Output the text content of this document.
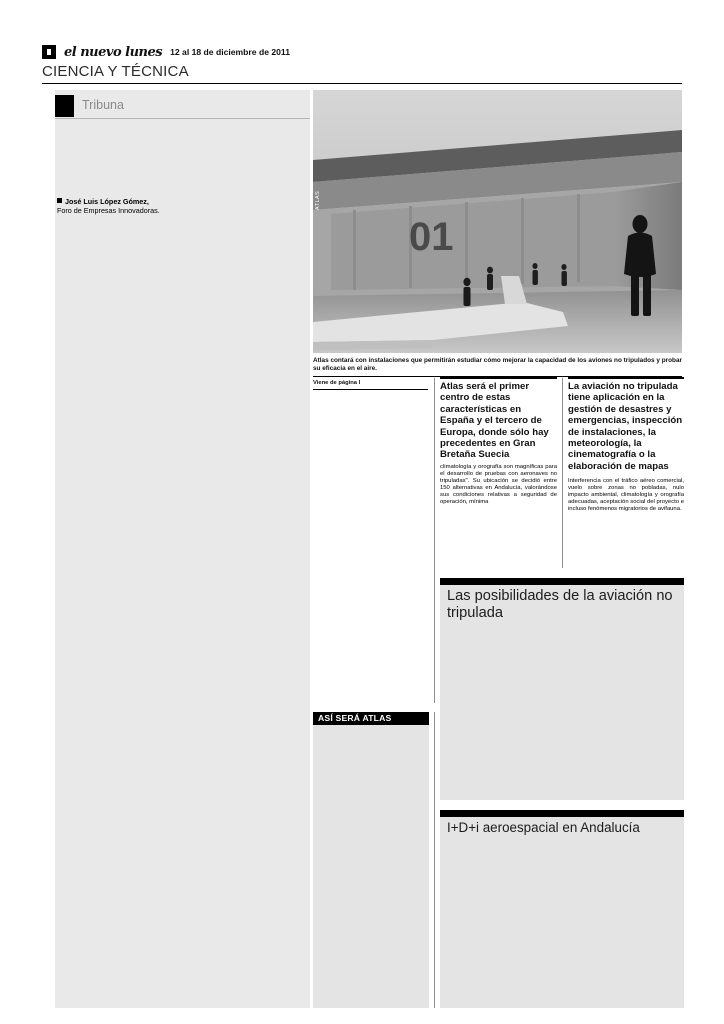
el nuevo lunes 12 al 18 de diciembre de 2011
CIENCIA Y TÉCNICA
Tribuna
José Luis López Gómez,
Foro de Empresas Innovadoras.
01
ATLAS
Atlas contará con instalaciones que permitirán estudiar cómo mejorar la capacidad de los aviones no tripulados y probar su eficacia en el aire.
Viene de página I	Atlas será el primer centro de estas características en España y el tercero de Europa, donde sólo hay precedentes en Gran Bretaña Suecia
climatología y orografía son magníficas para el desarrollo de pruebas con aeronaves no tripuladas". Su ubicación se decidió entre 150 alternativas en Andalucía, valorándose sus condiciones relativas a seguridad de operación, mínima
La aviación no tripulada tiene aplicación en la gestión de desastres y emergencias, inspección de instalaciones, la meteorología, la cinematografía o la elaboración de mapas
Interferencia con el tráfico aéreo comercial, vuelo sobre zonas no pobladas, nulo impacto ambiental, climatología y orografía adecuadas, aceptación social del proyecto e incluso fenómenos migratorios de avifauna.
ASÍ SERÁ ATLAS
Las posibilidades de la aviación no tripulada
I+D+i aeroespacial en Andalucía
